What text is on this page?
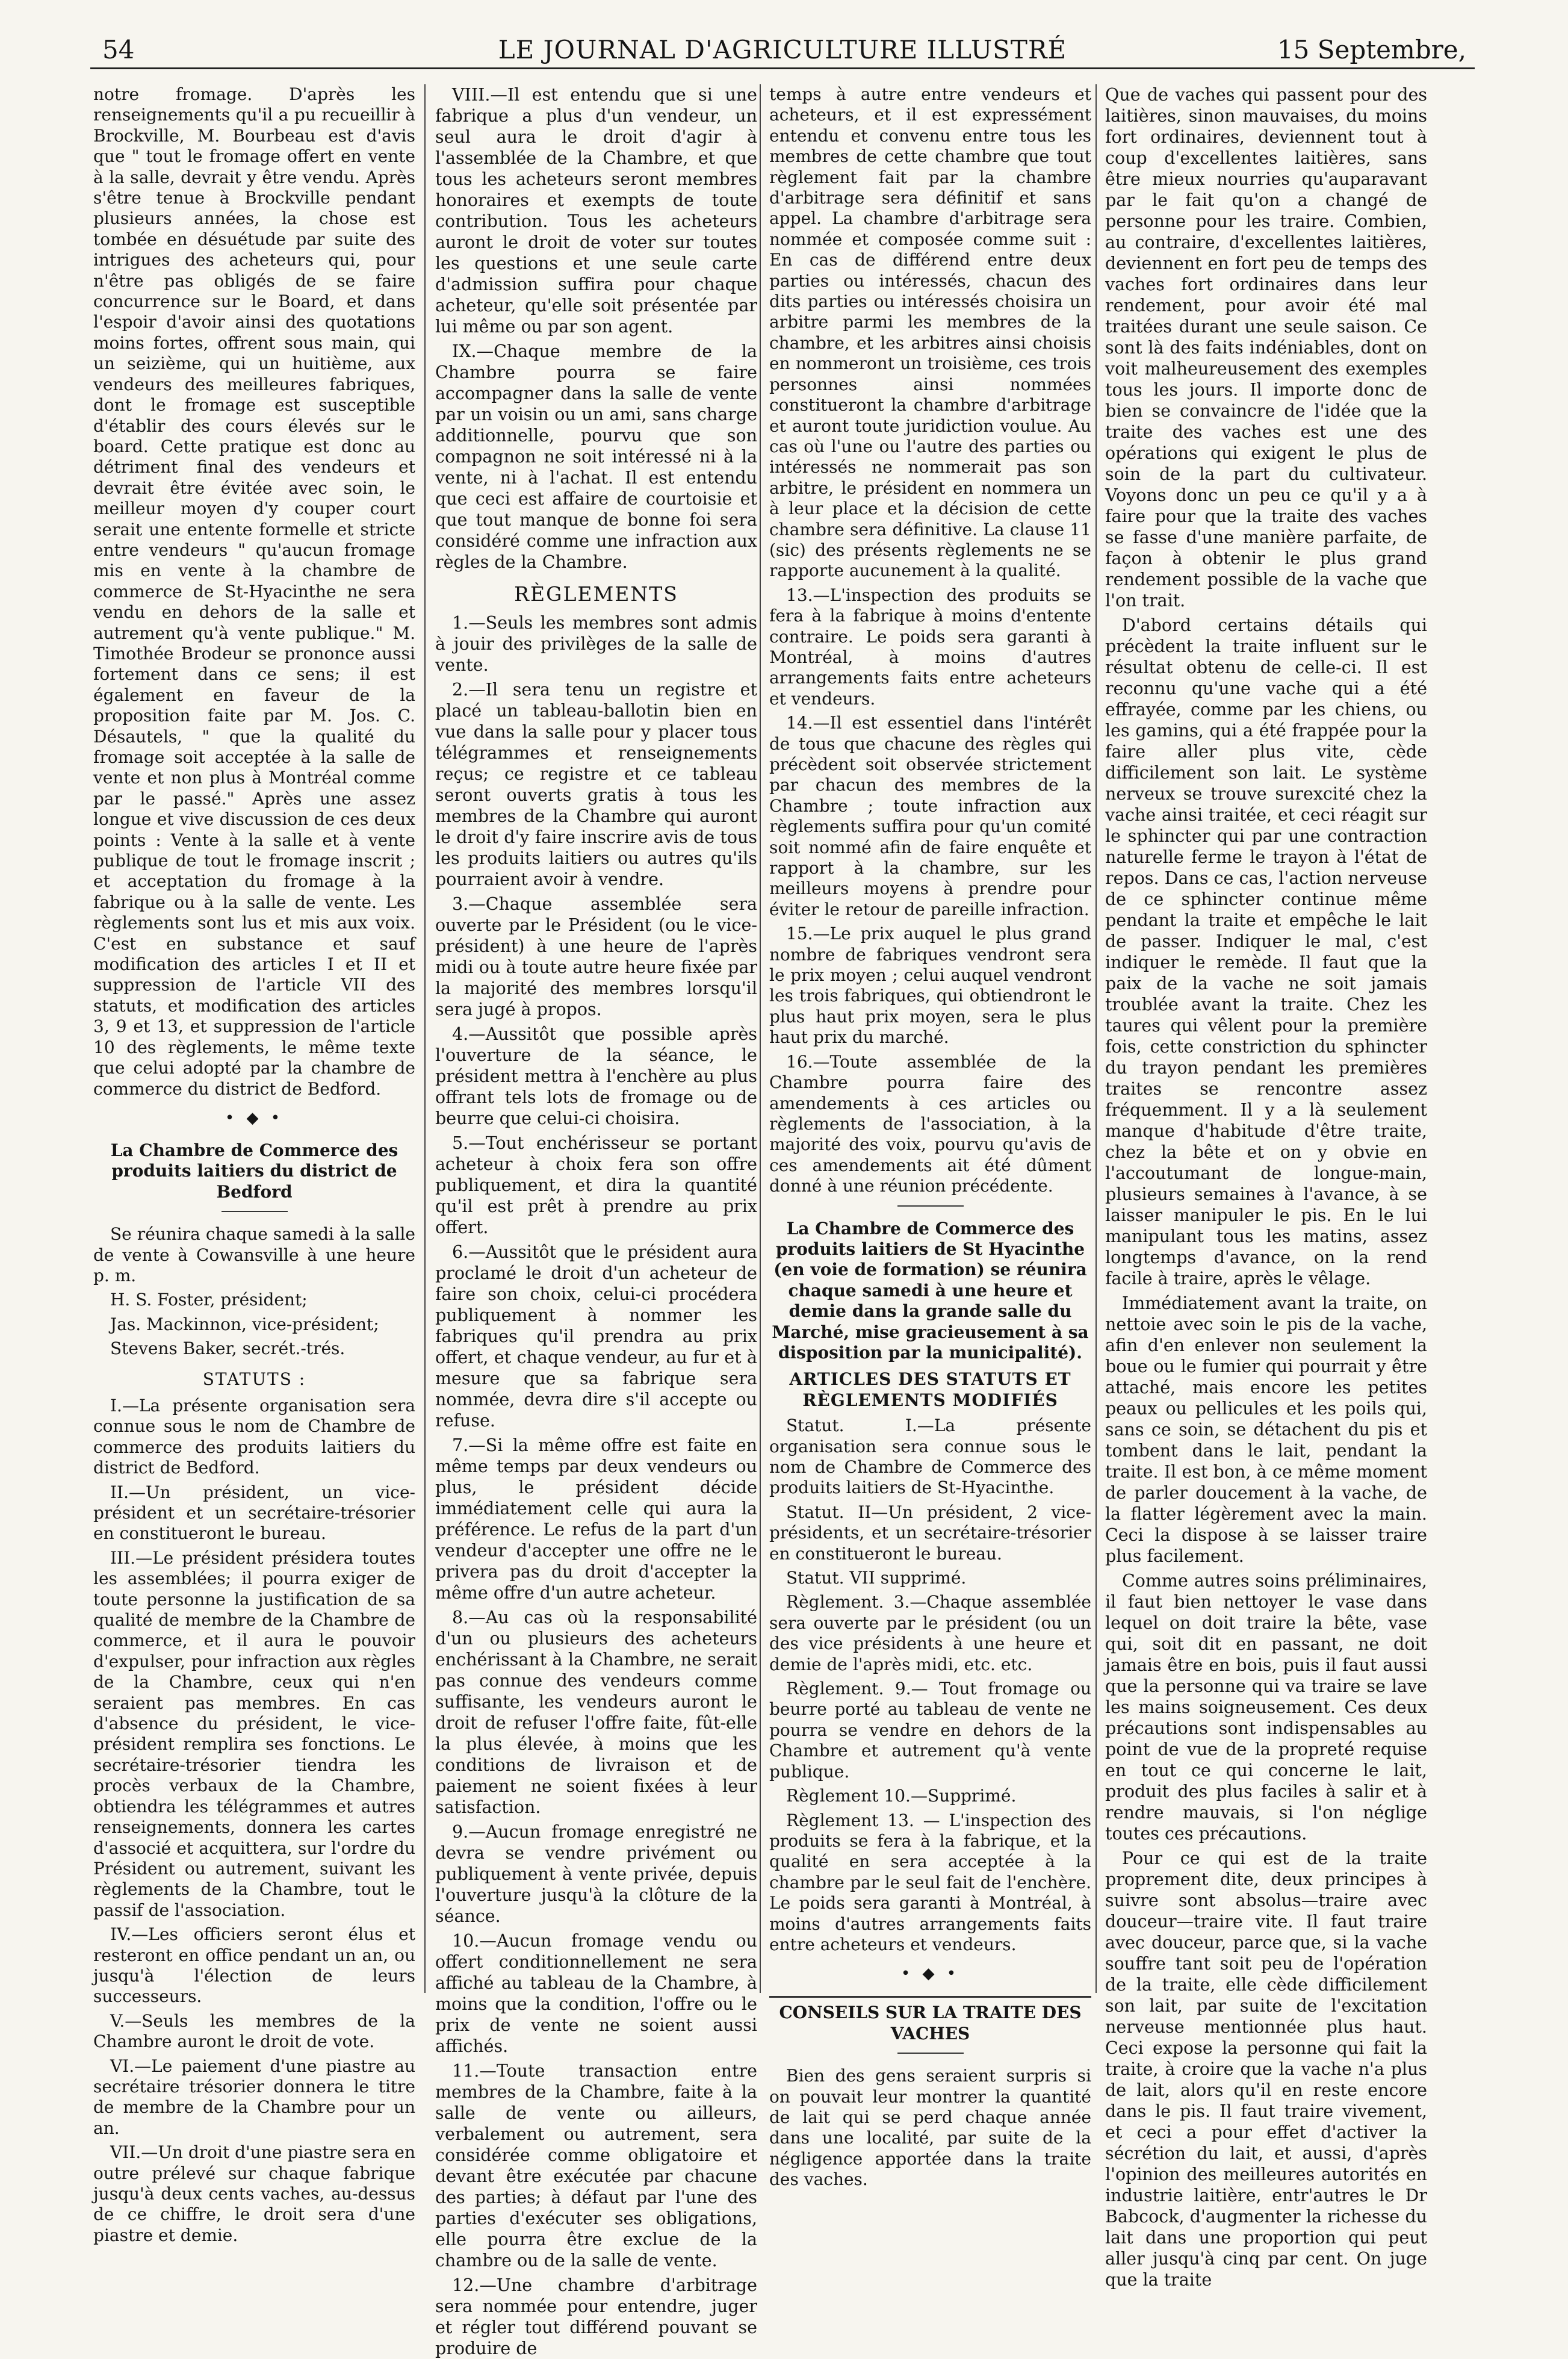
54	LE JOURNAL D'AGRICULTURE ILLUSTRÉ	15 Septembre,

notre fromage. D'après les renseignements qu'il a pu recueillir à Brockville, M. Bourbeau est d'avis que " tout le fromage offert en vente à la salle, devrait y être vendu. Après s'être tenue à Brockville pendant plusieurs années, la chose est tombée en désuétude par suite des intrigues des acheteurs qui, pour n'être pas obligés de se faire concurrence sur le Board, et dans l'espoir d'avoir ainsi des quotations moins fortes, offrent sous main, qui un seizième, qui un huitième, aux vendeurs des meilleures fabriques, dont le fromage est susceptible d'établir des cours élevés sur le board. Cette pratique est donc au détriment final des vendeurs et devrait être évitée avec soin, le meilleur moyen d'y couper court serait une entente formelle et stricte entre vendeurs " qu'aucun fromage mis en vente à la chambre de commerce de St-Hyacinthe ne sera vendu en dehors de la salle et autrement qu'à vente publique." M. Timothée Brodeur se prononce aussi fortement dans ce sens; il est également en faveur de la proposition faite par M. Jos. C. Désautels, " que la qualité du fromage soit acceptée à la salle de vente et non plus à Montréal comme par le passé." Après une assez longue et vive discussion de ces deux points : Vente à la salle et à vente publique de tout le fromage inscrit ; et acceptation du fromage à la fabrique ou à la salle de vente. Les règlements sont lus et mis aux voix. C'est en substance et sauf modification des articles I et II et suppression de l'article VII des statuts, et modification des articles 3, 9 et 13, et suppression de l'article 10 des règlements, le même texte que celui adopté par la chambre de commerce du district de Bedford.

• ◆ •

La Chambre de Commerce des produits laitiers du district de Bedford

Se réunira chaque samedi à la salle de vente à Cowansville à une heure p. m.

H. S. Foster, président;

Jas. Mackinnon, vice-président;

Stevens Baker, secrét.-trés.

STATUTS :

I.—La présente organisation sera connue sous le nom de Chambre de commerce des produits laitiers du district de Bedford.

II.—Un président, un vice-président et un secrétaire-trésorier en constitueront le bureau.

III.—Le président présidera toutes les assemblées; il pourra exiger de toute personne la justification de sa qualité de membre de la Chambre de commerce, et il aura le pouvoir d'expulser, pour infraction aux règles de la Chambre, ceux qui n'en seraient pas membres. En cas d'absence du président, le vice-président remplira ses fonctions. Le secrétaire-trésorier tiendra les procès verbaux de la Chambre, obtiendra les télégrammes et autres renseignements, donnera les cartes d'associé et acquittera, sur l'ordre du Président ou autrement, suivant les règlements de la Chambre, tout le passif de l'association.

IV.—Les officiers seront élus et resteront en office pendant un an, ou jusqu'à l'élection de leurs successeurs.

V.—Seuls les membres de la Chambre auront le droit de vote.

VI.—Le paiement d'une piastre au secrétaire trésorier donnera le titre de membre de la Chambre pour un an.

VII.—Un droit d'une piastre sera en outre prélevé sur chaque fabrique jusqu'à deux cents vaches, au-dessus de ce chiffre, le droit sera d'une piastre et demie.

VIII.—Il est entendu que si une fabrique a plus d'un vendeur, un seul aura le droit d'agir à l'assemblée de la Chambre, et que tous les acheteurs seront membres honoraires et exempts de toute contribution. Tous les acheteurs auront le droit de voter sur toutes les questions et une seule carte d'admission suffira pour chaque acheteur, qu'elle soit présentée par lui même ou par son agent.

IX.—Chaque membre de la Chambre pourra se faire accompagner dans la salle de vente par un voisin ou un ami, sans charge additionnelle, pourvu que son compagnon ne soit intéressé ni à la vente, ni à l'achat. Il est entendu que ceci est affaire de courtoisie et que tout manque de bonne foi sera considéré comme une infraction aux règles de la Chambre.

RÈGLEMENTS

1.—Seuls les membres sont admis à jouir des privilèges de la salle de vente.

2.—Il sera tenu un registre et placé un tableau-ballotin bien en vue dans la salle pour y placer tous télégrammes et renseignements reçus; ce registre et ce tableau seront ouverts gratis à tous les membres de la Chambre qui auront le droit d'y faire inscrire avis de tous les produits laitiers ou autres qu'ils pourraient avoir à vendre.

3.—Chaque assemblée sera ouverte par le Président (ou le vice-président) à une heure de l'après midi ou à toute autre heure fixée par la majorité des membres lorsqu'il sera jugé à propos.

4.—Aussitôt que possible après l'ouverture de la séance, le président mettra à l'enchère au plus offrant tels lots de fromage ou de beurre que celui-ci choisira.

5.—Tout enchérisseur se portant acheteur à choix fera son offre publiquement, et dira la quantité qu'il est prêt à prendre au prix offert.

6.—Aussitôt que le président aura proclamé le droit d'un acheteur de faire son choix, celui-ci procédera publiquement à nommer les fabriques qu'il prendra au prix offert, et chaque vendeur, au fur et à mesure que sa fabrique sera nommée, devra dire s'il accepte ou refuse.

7.—Si la même offre est faite en même temps par deux vendeurs ou plus, le président décide immédiatement celle qui aura la préférence. Le refus de la part d'un vendeur d'accepter une offre ne le privera pas du droit d'accepter la même offre d'un autre acheteur.

8.—Au cas où la responsabilité d'un ou plusieurs des acheteurs enchérissant à la Chambre, ne serait pas connue des vendeurs comme suffisante, les vendeurs auront le droit de refuser l'offre faite, fût-elle la plus élevée, à moins que les conditions de livraison et de paiement ne soient fixées à leur satisfaction.

9.—Aucun fromage enregistré ne devra se vendre privément ou publiquement à vente privée, depuis l'ouverture jusqu'à la clôture de la séance.

10.—Aucun fromage vendu ou offert conditionnellement ne sera affiché au tableau de la Chambre, à moins que la condition, l'offre ou le prix de vente ne soient aussi affichés.

11.—Toute transaction entre membres de la Chambre, faite à la salle de vente ou ailleurs, verbalement ou autrement, sera considérée comme obligatoire et devant être exécutée par chacune des parties; à défaut par l'une des parties d'exécuter ses obligations, elle pourra être exclue de la chambre ou de la salle de vente.

12.—Une chambre d'arbitrage sera nommée pour entendre, juger et régler tout différend pouvant se produire de

temps à autre entre vendeurs et acheteurs, et il est expressément entendu et convenu entre tous les membres de cette chambre que tout règlement fait par la chambre d'arbitrage sera définitif et sans appel. La chambre d'arbitrage sera nommée et composée comme suit : En cas de différend entre deux parties ou intéressés, chacun des dits parties ou intéressés choisira un arbitre parmi les membres de la chambre, et les arbitres ainsi choisis en nommeront un troisième, ces trois personnes ainsi nommées constitueront la chambre d'arbitrage et auront toute juridiction voulue. Au cas où l'une ou l'autre des parties ou intéressés ne nommerait pas son arbitre, le président en nommera un à leur place et la décision de cette chambre sera définitive. La clause 11 (sic) des présents règlements ne se rapporte aucunement à la qualité.

13.—L'inspection des produits se fera à la fabrique à moins d'entente contraire. Le poids sera garanti à Montréal, à moins d'autres arrangements faits entre acheteurs et vendeurs.

14.—Il est essentiel dans l'intérêt de tous que chacune des règles qui précèdent soit observée strictement par chacun des membres de la Chambre ; toute infraction aux règlements suffira pour qu'un comité soit nommé afin de faire enquête et rapport à la chambre, sur les meilleurs moyens à prendre pour éviter le retour de pareille infraction.

15.—Le prix auquel le plus grand nombre de fabriques vendront sera le prix moyen ; celui auquel vendront les trois fabriques, qui obtiendront le plus haut prix moyen, sera le plus haut prix du marché.

16.—Toute assemblée de la Chambre pourra faire des amendements à ces articles ou règlements de l'association, à la majorité des voix, pourvu qu'avis de ces amendements ait été dûment donné à une réunion précédente.

La Chambre de Commerce des produits laitiers de St Hyacinthe (en voie de formation) se réunira chaque samedi à une heure et demie dans la grande salle du Marché, mise gracieusement à sa disposition par la municipalité).

ARTICLES DES STATUTS ET RÈGLEMENTS MODIFIÉS

Statut. I.—La présente organisation sera connue sous le nom de Chambre de Commerce des produits laitiers de St-Hyacinthe.

Statut. II—Un président, 2 vice-présidents, et un secrétaire-trésorier en constitueront le bureau.

Statut. VII supprimé.

Règlement. 3.—Chaque assemblée sera ouverte par le président (ou un des vice présidents à une heure et demie de l'après midi, etc. etc.

Règlement. 9.— Tout fromage ou beurre porté au tableau de vente ne pourra se vendre en dehors de la Chambre et autrement qu'à vente publique.

Règlement 10.—Supprimé.

Règlement 13. — L'inspection des produits se fera à la fabrique, et la qualité en sera acceptée à la chambre par le seul fait de l'enchère. Le poids sera garanti à Montréal, à moins d'autres arrangements faits entre acheteurs et vendeurs.

• ◆ •

CONSEILS SUR LA TRAITE DES VACHES

Bien des gens seraient surpris si on pouvait leur montrer la quantité de lait qui se perd chaque année dans une localité, par suite de la négligence apportée dans la traite des vaches.

Que de vaches qui passent pour des laitières, sinon mauvaises, du moins fort ordinaires, deviennent tout à coup d'excellentes laitières, sans être mieux nourries qu'auparavant par le fait qu'on a changé de personne pour les traire. Combien, au contraire, d'excellentes laitières, deviennent en fort peu de temps des vaches fort ordinaires dans leur rendement, pour avoir été mal traitées durant une seule saison. Ce sont là des faits indéniables, dont on voit malheureusement des exemples tous les jours. Il importe donc de bien se convaincre de l'idée que la traite des vaches est une des opérations qui exigent le plus de soin de la part du cultivateur. Voyons donc un peu ce qu'il y a à faire pour que la traite des vaches se fasse d'une manière parfaite, de façon à obtenir le plus grand rendement possible de la vache que l'on trait.

D'abord certains détails qui précèdent la traite influent sur le résultat obtenu de celle-ci. Il est reconnu qu'une vache qui a été effrayée, comme par les chiens, ou les gamins, qui a été frappée pour la faire aller plus vite, cède difficilement son lait. Le système nerveux se trouve surexcité chez la vache ainsi traitée, et ceci réagit sur le sphincter qui par une contraction naturelle ferme le trayon à l'état de repos. Dans ce cas, l'action nerveuse de ce sphincter continue même pendant la traite et empêche le lait de passer. Indiquer le mal, c'est indiquer le remède. Il faut que la paix de la vache ne soit jamais troublée avant la traite. Chez les taures qui vêlent pour la première fois, cette constriction du sphincter du trayon pendant les premières traites se rencontre assez fréquemment. Il y a là seulement manque d'habitude d'être traite, chez la bête et on y obvie en l'accoutumant de longue-main, plusieurs semaines à l'avance, à se laisser manipuler le pis. En le lui manipulant tous les matins, assez longtemps d'avance, on la rend facile à traire, après le vêlage.

Immédiatement avant la traite, on nettoie avec soin le pis de la vache, afin d'en enlever non seulement la boue ou le fumier qui pourrait y être attaché, mais encore les petites peaux ou pellicules et les poils qui, sans ce soin, se détachent du pis et tombent dans le lait, pendant la traite. Il est bon, à ce même moment de parler doucement à la vache, de la flatter légèrement avec la main. Ceci la dispose à se laisser traire plus facilement.

Comme autres soins préliminaires, il faut bien nettoyer le vase dans lequel on doit traire la bête, vase qui, soit dit en passant, ne doit jamais être en bois, puis il faut aussi que la personne qui va traire se lave les mains soigneusement. Ces deux précautions sont indispensables au point de vue de la propreté requise en tout ce qui concerne le lait, produit des plus faciles à salir et à rendre mauvais, si l'on néglige toutes ces précautions.

Pour ce qui est de la traite proprement dite, deux principes à suivre sont absolus—traire avec douceur—traire vite. Il faut traire avec douceur, parce que, si la vache souffre tant soit peu de l'opération de la traite, elle cède difficilement son lait, par suite de l'excitation nerveuse mentionnée plus haut. Ceci expose la personne qui fait la traite, à croire que la vache n'a plus de lait, alors qu'il en reste encore dans le pis. Il faut traire vivement, et ceci a pour effet d'activer la sécrétion du lait, et aussi, d'après l'opinion des meilleures autorités en industrie laitière, entr'autres le Dr Babcock, d'augmenter la richesse du lait dans une proportion qui peut aller jusqu'à cinq par cent. On juge que la traite
